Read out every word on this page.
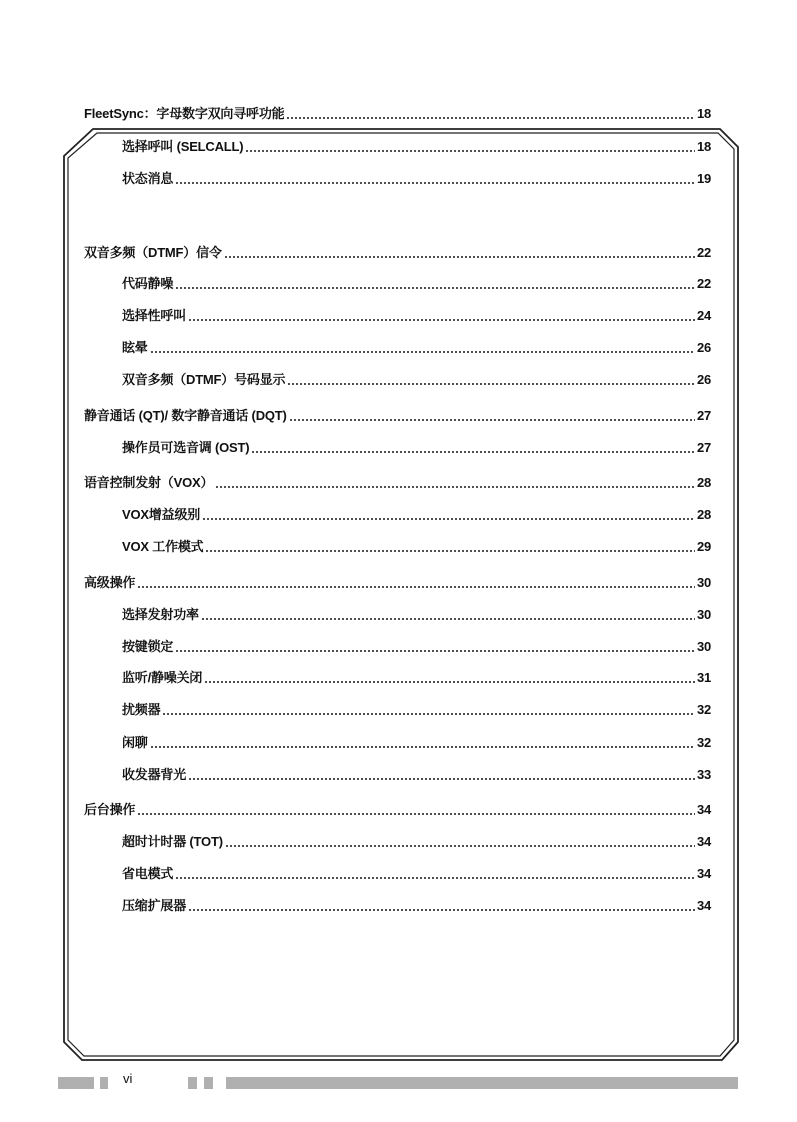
FleetSync：字母数字双向寻呼功能	18
选择呼叫 (SELCALL)	18
状态消息	19
双音多频（DTMF）信令	22
代码静噪	22
选择性呼叫	24
眩晕	26
双音多频（DTMF）号码显示	26
静音通话 (QT)/ 数字静音通话 (DQT)	27
操作员可选音调 (OST)	27
语音控制发射（VOX）	28
VOX增益级别	28
VOX 工作模式	29
高级操作	30
选择发射功率	30
按键锁定	30
监听/静噪关闭	31
扰频器	32
闲聊	32
收发器背光	33
后台操作	34
超时计时器 (TOT)	34
省电模式	34
压缩扩展器	34
vi
